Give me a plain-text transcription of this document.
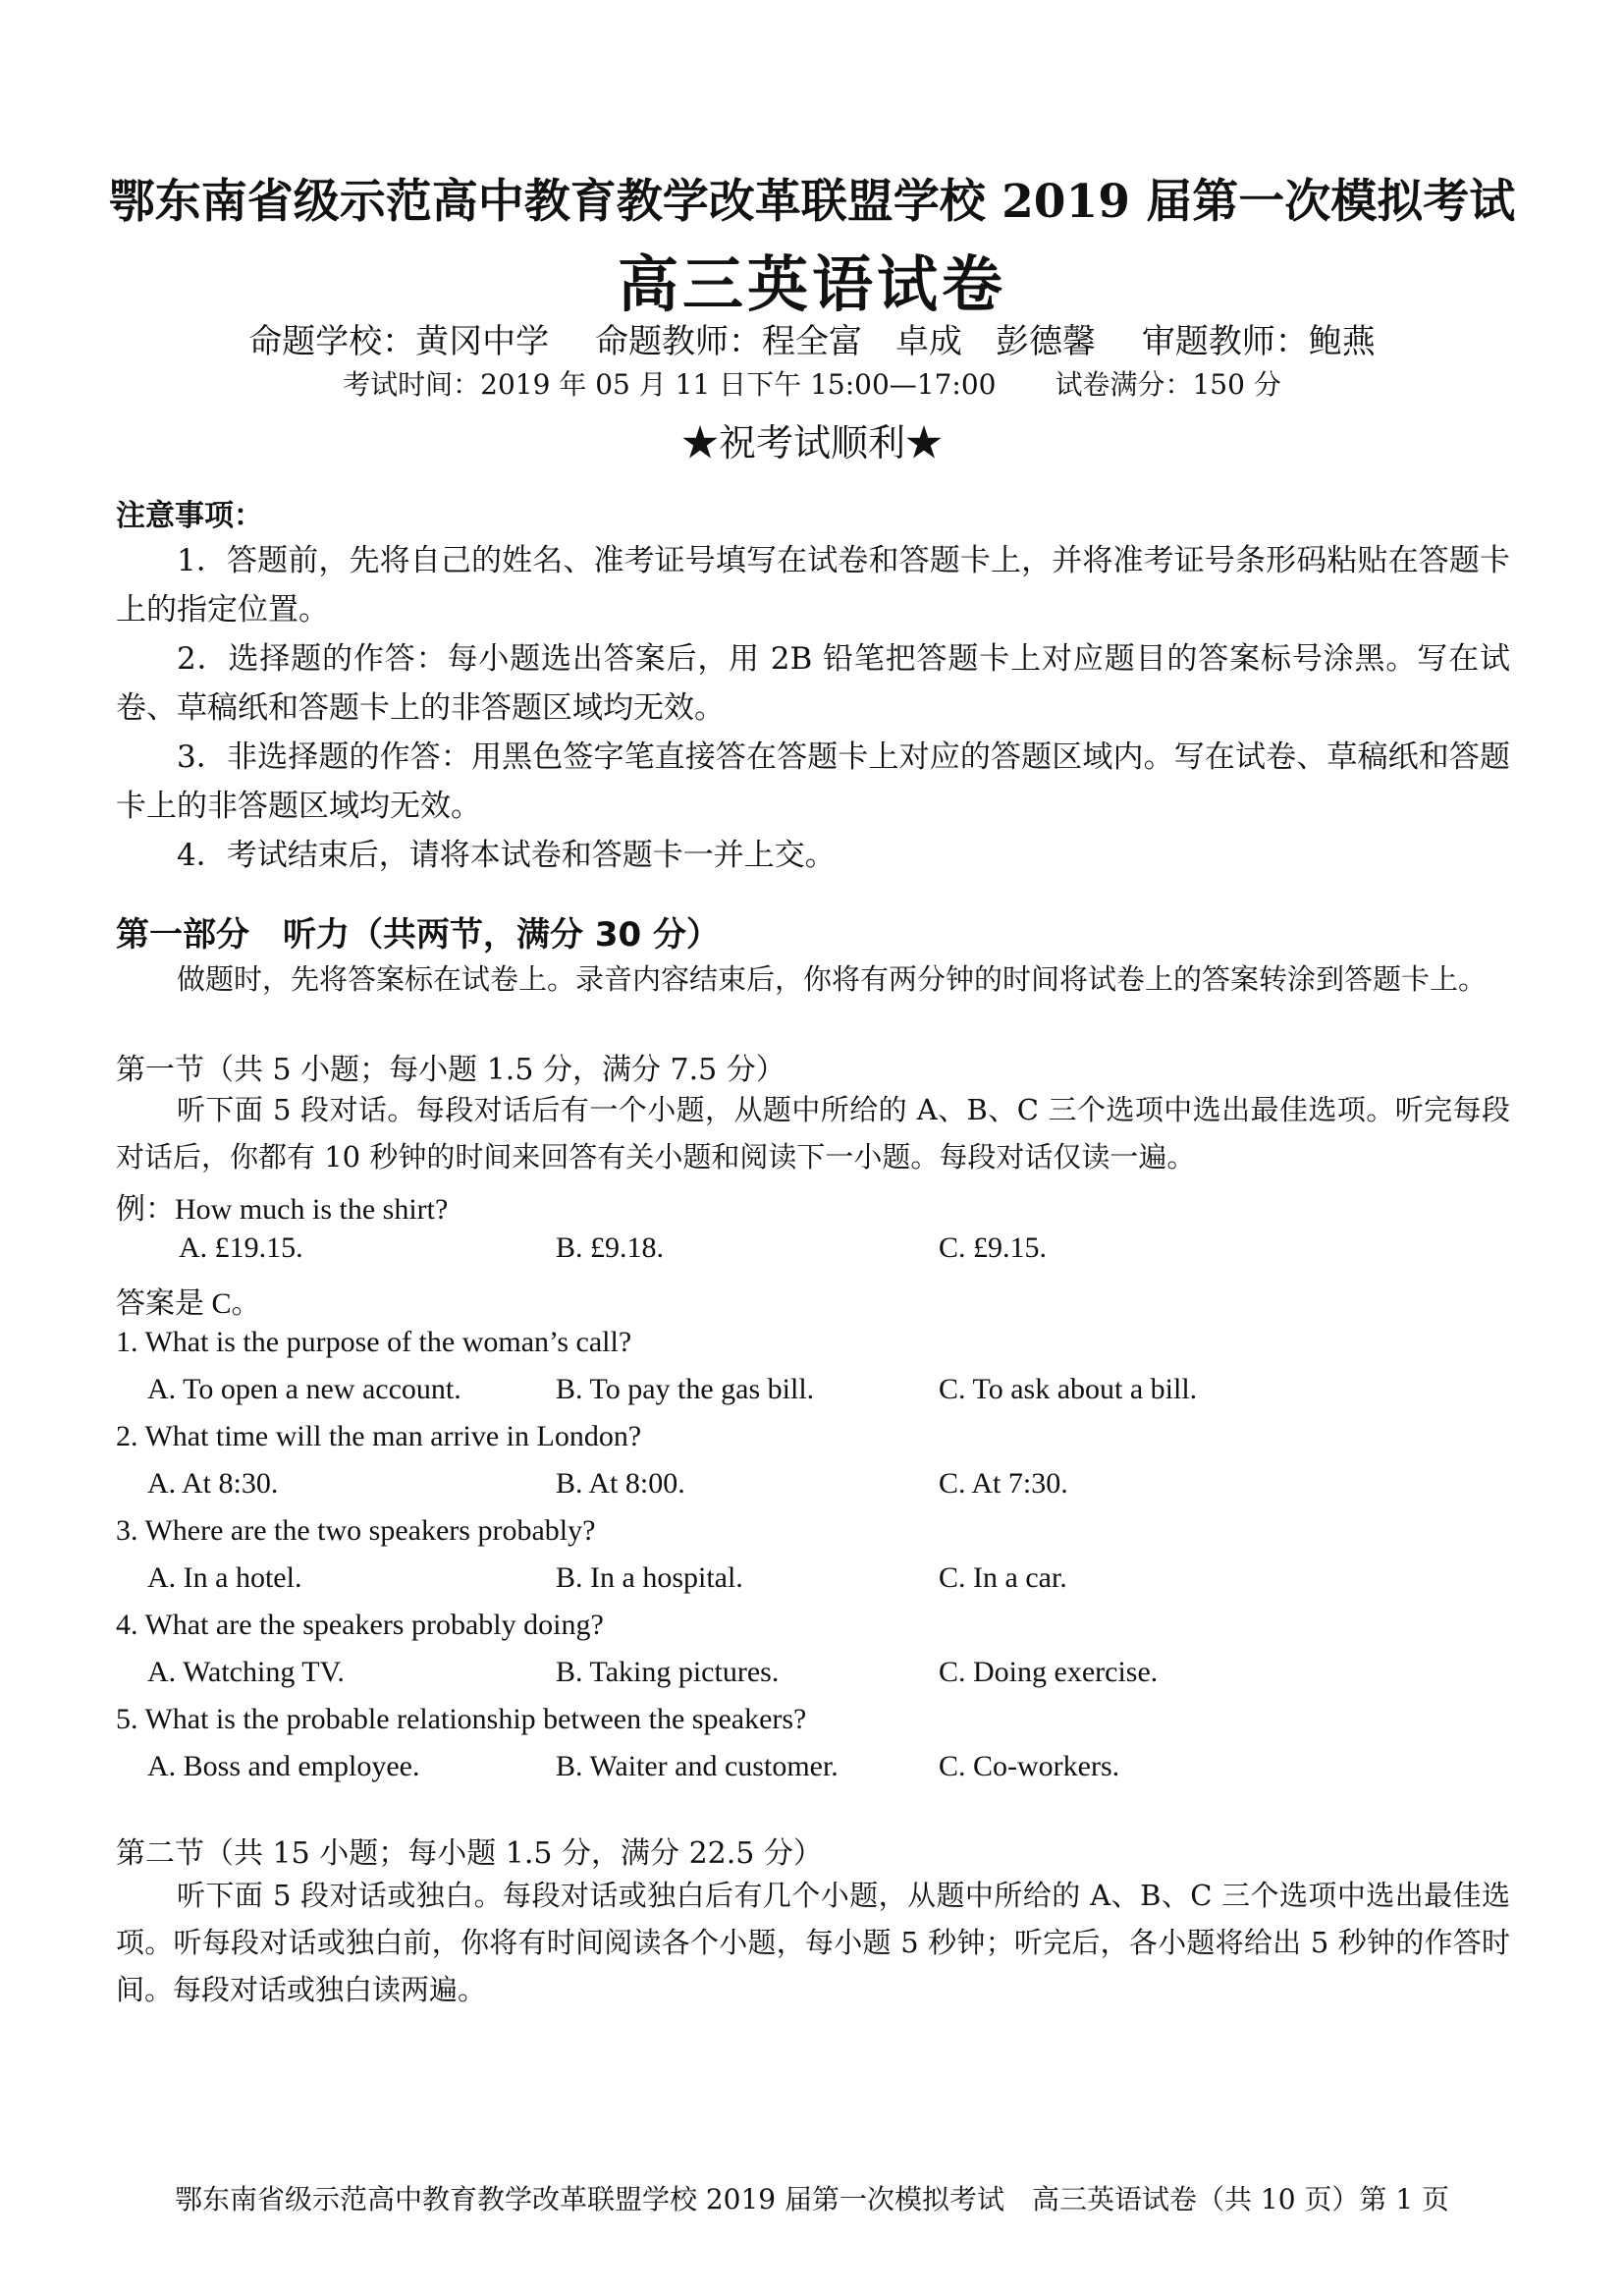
鄂东南省级示范高中教育教学改革联盟学校 2019 届第一次模拟考试
高三英语试卷
命题学校：黄冈中学 命题教师：程全富　卓成　彭德馨 审题教师：鲍燕
考试时间：2019 年 05 月 11 日下午 15:00—17:00 试卷满分：150 分
★祝考试顺利★
注意事项：
1．答题前，先将自己的姓名、准考证号填写在试卷和答题卡上，并将准考证号条形码粘贴在答题卡上的指定位置。
2．选择题的作答：每小题选出答案后，用 2B 铅笔把答题卡上对应题目的答案标号涂黑。写在试卷、草稿纸和答题卡上的非答题区域均无效。
3．非选择题的作答：用黑色签字笔直接答在答题卡上对应的答题区域内。写在试卷、草稿纸和答题卡上的非答题区域均无效。
4．考试结束后，请将本试卷和答题卡一并上交。
第一部分　听力（共两节，满分 30 分）
做题时，先将答案标在试卷上。录音内容结束后，你将有两分钟的时间将试卷上的答案转涂到答题卡上。
第一节（共 5 小题；每小题 1.5 分，满分 7.5 分）
听下面 5 段对话。每段对话后有一个小题，从题中所给的 A、B、C 三个选项中选出最佳选项。听完每段对话后，你都有 10 秒钟的时间来回答有关小题和阅读下一小题。每段对话仅读一遍。
例：How much is the shirt?
A. £19.15.	B. £9.18.	C. £9.15.
答案是 C。
1. What is the purpose of the woman’s call?
A. To open a new account.	B. To pay the gas bill.	C. To ask about a bill.
2. What time will the man arrive in London?
A. At 8:30.	B. At 8:00.	C. At 7:30.
3. Where are the two speakers probably?
A. In a hotel.	B. In a hospital.	C. In a car.
4. What are the speakers probably doing?
A. Watching TV.	B. Taking pictures.	C. Doing exercise.
5. What is the probable relationship between the speakers?
A. Boss and employee.	B. Waiter and customer.	C. Co-workers.
第二节（共 15 小题；每小题 1.5 分，满分 22.5 分）
听下面 5 段对话或独白。每段对话或独白后有几个小题，从题中所给的 A、B、C 三个选项中选出最佳选项。听每段对话或独白前，你将有时间阅读各个小题，每小题 5 秒钟；听完后，各小题将给出 5 秒钟的作答时间。每段对话或独白读两遍。
鄂东南省级示范高中教育教学改革联盟学校 2019 届第一次模拟考试　高三英语试卷（共 10 页）第 1 页
